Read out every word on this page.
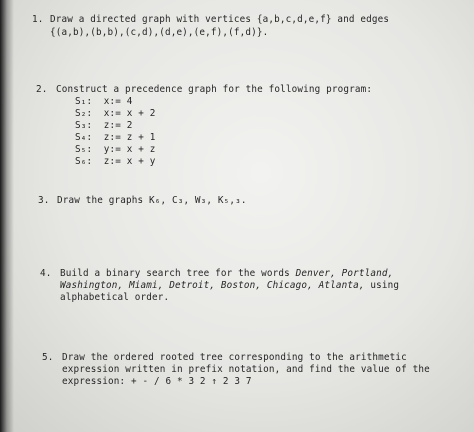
1. Draw a directed graph with vertices {a,b,c,d,e,f} and edges
{(a,b),(b,b),(c,d),(d,e),(e,f),(f,d)}.
2. Construct a precedence graph for the following program:
S₁:  x:= 4
S₂:  x:= x + 2
S₃:  z:= 2
S₄:  z:= z + 1
S₅:  y:= x + z
S₆:  z:= x + y
3. Draw the graphs K₆, C₃, W₃, K₅,₃.
4. Build a binary search tree for the words Denver, Portland,
Washington, Miami, Detroit, Boston, Chicago, Atlanta, using
alphabetical order.
5. Draw the ordered rooted tree corresponding to the arithmetic
expression written in prefix notation, and find the value of the
expression: + - / 6 * 3 2 ↑ 2 3 7
